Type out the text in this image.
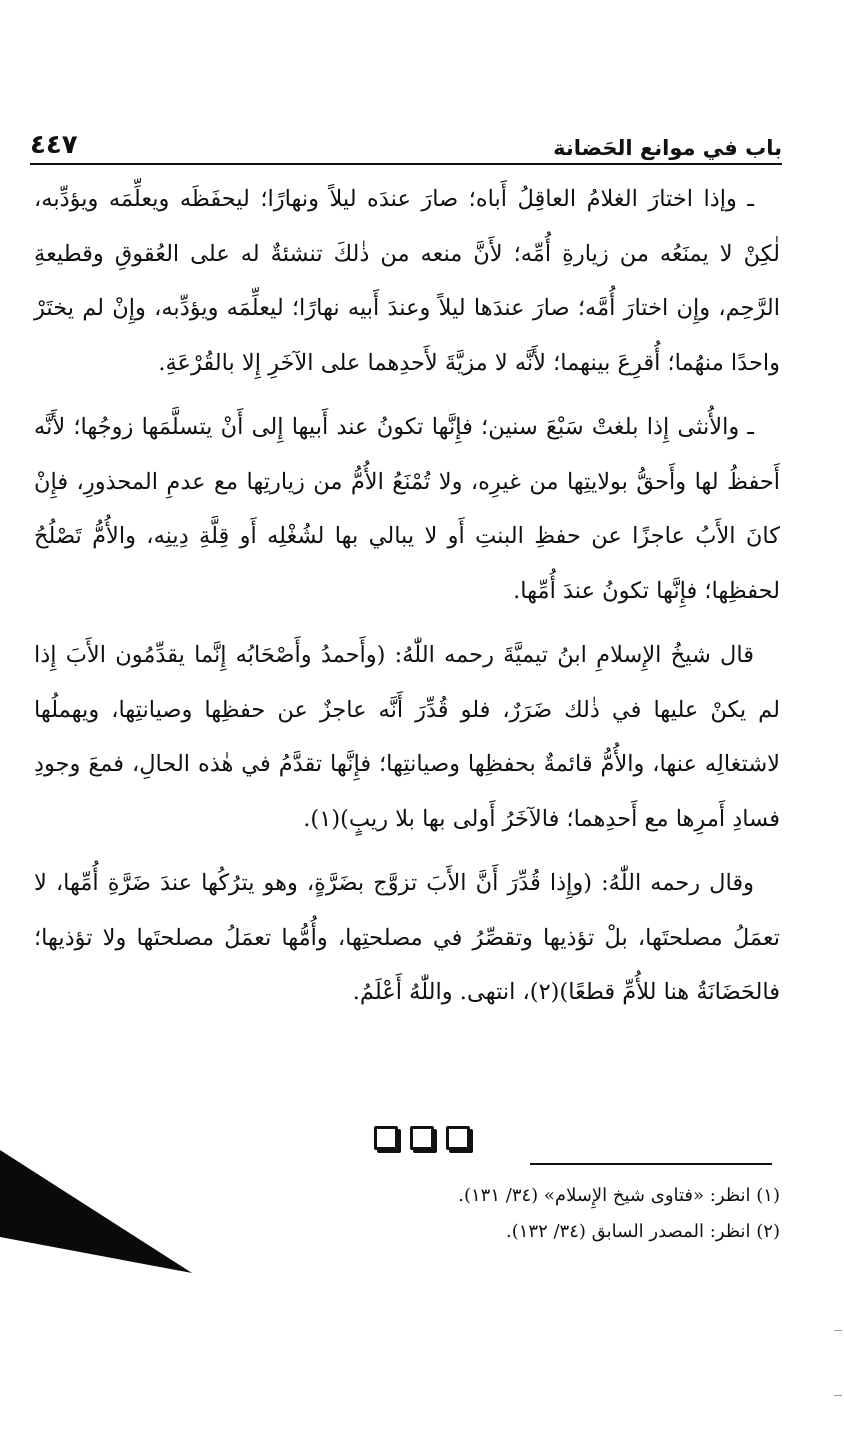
باب في موانع الحَضانة
٤٤٧

ـ وإذا اختارَ الغلامُ العاقِلُ أَباه؛ صارَ عندَه ليلاً ونهارًا؛ ليحفَظَه ويعلِّمَه ويؤدِّبه، لٰكِنْ لا يمنَعُه من زيارةِ أُمِّه؛ لأَنَّ منعه من ذٰلكَ تنشئةٌ له على العُقوقِ وقطيعةِ الرَّحِم، وإِن اختارَ أُمَّه؛ صارَ عندَها ليلاً وعندَ أَبيه نهارًا؛ ليعلِّمَه ويؤدِّبه، وإِنْ لم يختَرْ واحدًا منهُما؛ أُقرِعَ بينهما؛ لأَنَّه لا مزيَّةَ لأَحدِهما على الآخَرِ إِلا بالقُرْعَةِ.

ـ والأُنثى إِذا بلغتْ سَبْعَ سنين؛ فإِنَّها تكونُ عند أَبيها إِلى أَنْ يتسلَّمَها زوجُها؛ لأَنَّه أَحفظُ لها وأَحقُّ بولايتِها من غيرِه، ولا تُمْنَعُ الأُمُّ من زيارتِها مع عدمِ المحذورِ، فإِنْ كانَ الأَبُ عاجزًا عن حفظِ البنتِ أَو لا يبالي بها لشُغْلِه أَو قِلَّةِ دِينِه، والأُمُّ تَصْلُحُ لحفظِها؛ فإِنَّها تكونُ عندَ أُمِّها.

قال شيخُ الإِسلامِ ابنُ تيميَّةَ رحمه اللّٰهُ: (وأَحمدُ وأَصْحَابُه إِنَّما يقدِّمُون الأَبَ إِذا لم يكنْ عليها في ذٰلك ضَرَرٌ، فلو قُدِّرَ أَنَّه عاجزٌ عن حفظِها وصيانتِها، ويهملُها لاشتغالِه عنها، والأُمُّ قائمةٌ بحفظِها وصيانتِها؛ فإِنَّها تقدَّمُ في هٰذه الحالِ، فمعَ وجودِ فسادِ أَمرِها مع أَحدِهما؛ فالآخَرُ أَولى بها بلا ريبٍ)(١).

وقال رحمه اللّٰهُ: (وإِذا قُدِّرَ أَنَّ الأَبَ تزوَّج بضَرَّةٍ، وهو يترُكُها عندَ ضَرَّةِ أُمِّها، لا تعمَلُ مصلحتَها، بلْ تؤذيها وتقصِّرُ في مصلحتِها، وأُمُّها تعمَلُ مصلحتَها ولا تؤذيها؛ فالحَضَانَةُ هنا للأُمِّ قطعًا)(٢)، انتهى. واللّٰهُ أَعْلَمُ.

(١) انظر: «فتاوى شيخ الإِسلام» (٣٤/ ١٣١).
(٢) انظر: المصدر السابق (٣٤/ ١٣٢).
